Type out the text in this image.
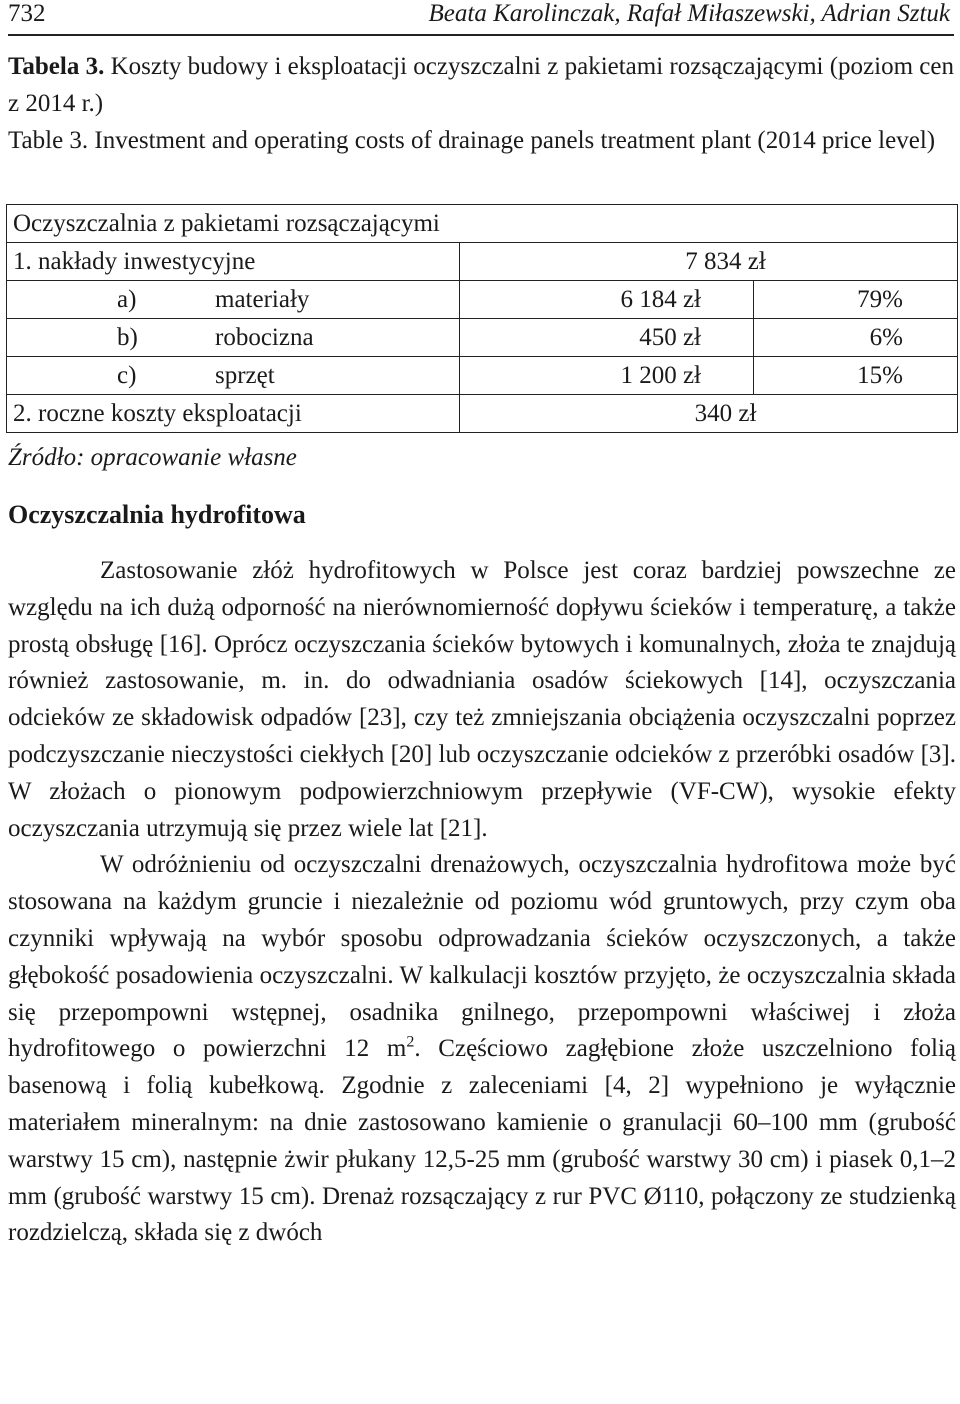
732	Beata Karolinczak, Rafał Miłaszewski, Adrian Sztuk
Tabela 3. Koszty budowy i eksploatacji oczyszczalni z pakietami rozsączającymi (poziom cen z 2014 r.)
Table 3. Investment and operating costs of drainage panels treatment plant (2014 price level)
Oczyszczalnia z pakietami rozsączającymi		
1. nakłady inwestycyjne	7 834 zł	
a) materiały	6 184 zł	79%
b) robocizna	450 zł	6%
c) sprzęt	1 200 zł	15%
2. roczne koszty eksploatacji	340 zł	
Źródło: opracowanie własne
Oczyszczalnia hydrofitowa

Zastosowanie złóż hydrofitowych w Polsce jest coraz bardziej powszechne ze względu na ich dużą odporność na nierównomierność dopływu ścieków i temperaturę, a także prostą obsługę [16]. Oprócz oczyszczania ścieków bytowych i komunalnych, złoża te znajdują również zastosowanie, m. in. do odwadniania osadów ściekowych [14], oczyszczania odcieków ze składowisk odpadów [23], czy też zmniejszania obciążenia oczyszczalni poprzez podczyszczanie nieczystości ciekłych [20] lub oczyszczanie odcieków z przeróbki osadów [3]. W złożach o pionowym podpowierzchniowym przepływie (VF-CW), wysokie efekty oczyszczania utrzymują się przez wiele lat [21].

W odróżnieniu od oczyszczalni drenażowych, oczyszczalnia hydrofitowa może być stosowana na każdym gruncie i niezależnie od poziomu wód gruntowych, przy czym oba czynniki wpływają na wybór sposobu odprowadzania ścieków oczyszczonych, a także głębokość posadowienia oczyszczalni. W kalkulacji kosztów przyjęto, że oczyszczalnia składa się przepompowni wstępnej, osadnika gnilnego, przepompowni właściwej i złoża hydrofitowego o powierzchni 12 $m^2$. Częściowo zagłębione złoże uszczelniono folią basenową i folią kubełkową. Zgodnie z zaleceniami [4, 2] wypełniono je wyłącznie materiałem mineralnym: na dnie zastosowano kamienie o granulacji 60–100 mm (grubość warstwy 15 cm), następnie żwir płukany 12,5-25 mm (grubość warstwy 30 cm) i piasek 0,1–2 mm (grubość warstwy 15 cm). Drenaż rozsączający z rur PVC Ø110, połączony ze studzienką rozdzielczą, składa się z dwóch
